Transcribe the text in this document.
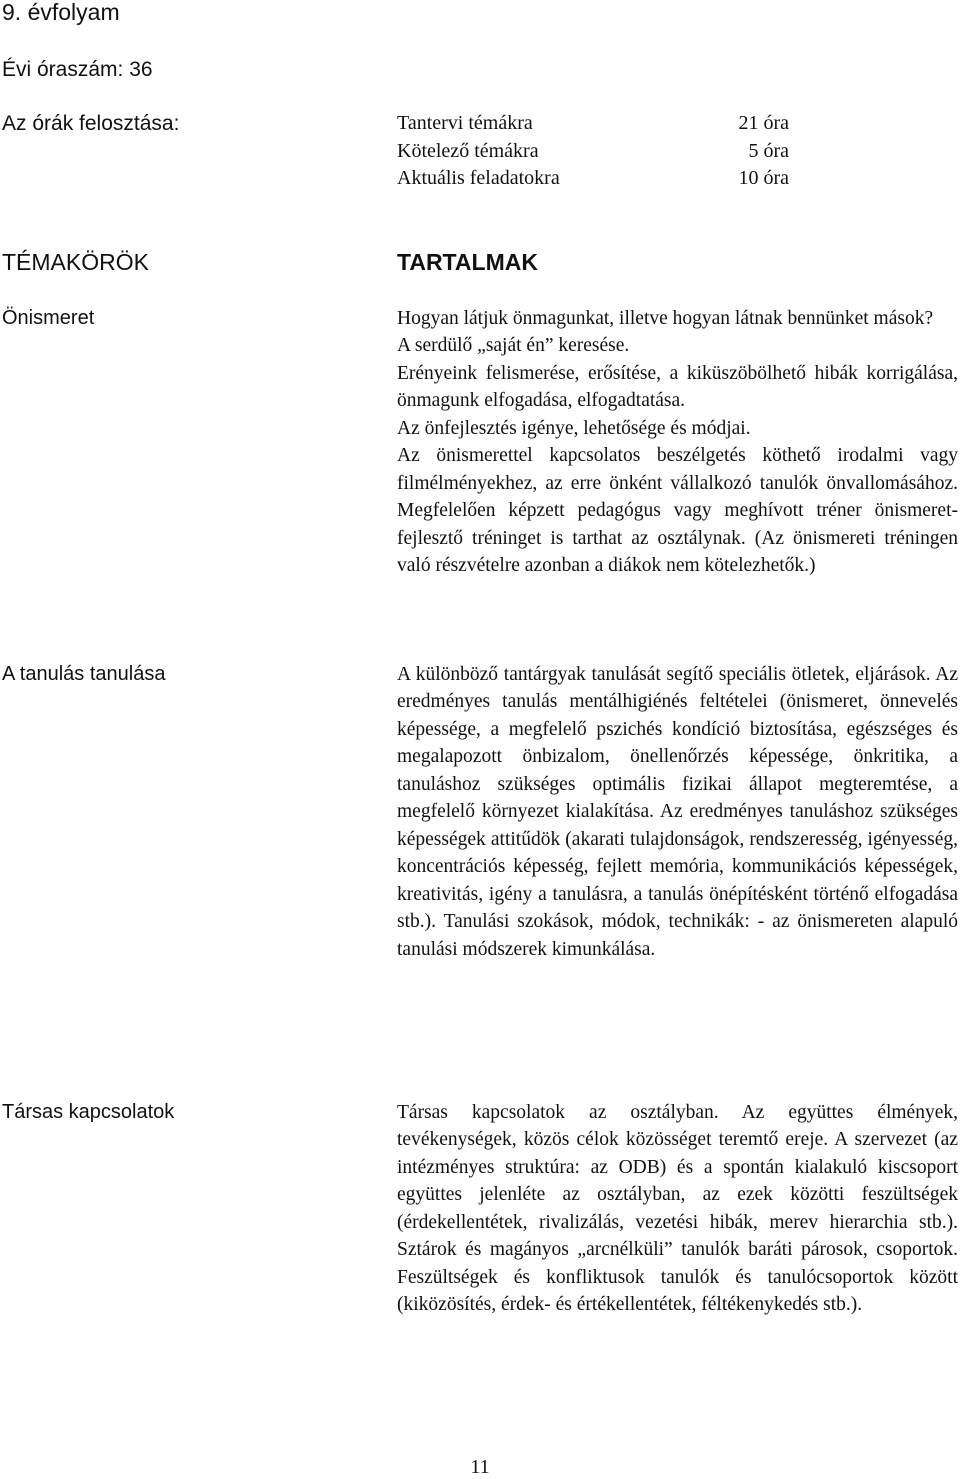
9. évfolyam
Évi óraszám: 36
Az órák felosztása:	Tantervi témákra	21 óra
Kötelező témákra	5 óra
Aktuális feladatokra	10 óra
TÉMAKÖRÖK	TARTALMAK
Önismeret	Hogyan látjuk önmagunkat, illetve hogyan látnak bennünket mások?

A serdülő „saját én” keresése.

Erényeink felismerése, erősítése, a kiküszöbölhető hibák korrigálása, önmagunk elfogadása, elfogadtatása.

Az önfejlesztés igénye, lehetősége és módjai.

Az önismerettel kapcsolatos beszélgetés köthető irodalmi vagy filmélményekhez, az erre önként vállalkozó tanulók önvallomásához. Megfelelően képzett pedagógus vagy meghívott tréner önismeret-fejlesztő tréninget is tarthat az osztálynak. (Az önismereti tréningen való részvételre azonban a diákok nem kötelezhetők.)

A tanulás tanulása	A különböző tantárgyak tanulását segítő speciális ötletek, eljárások. Az eredményes tanulás mentálhigiénés feltételei (önismeret, önnevelés képessége, a megfelelő pszichés kondíció biztosítása, egészséges és megalapozott önbizalom, önellenőrzés képessége, önkritika, a tanuláshoz szükséges optimális fizikai állapot megteremtése, a megfelelő környezet kialakítása. Az eredményes tanuláshoz szükséges képességek attitűdök (akarati tulajdonságok, rendszeresség, igényesség, koncentrációs képesség, fejlett memória, kommunikációs képességek, kreativitás, igény a tanulásra, a tanulás önépítésként történő elfogadása stb.). Tanulási szokások, módok, technikák: - az önismereten alapuló tanulási módszerek kimunkálása.

Társas kapcsolatok	Társas kapcsolatok az osztályban. Az együttes élmények, tevékenységek, közös célok közösséget teremtő ereje. A szervezet (az intézményes struktúra: az ODB) és a spontán kialakuló kiscsoport együttes jelenléte az osztályban, az ezek közötti feszültségek (érdekellentétek, rivalizálás, vezetési hibák, merev hierarchia stb.). Sztárok és magányos „arcnélküli” tanulók baráti párosok, csoportok. Feszültségek és konfliktusok tanulók és tanulócsoportok között (kiközösítés, érdek- és értékellentétek, féltékenykedés stb.).

11
